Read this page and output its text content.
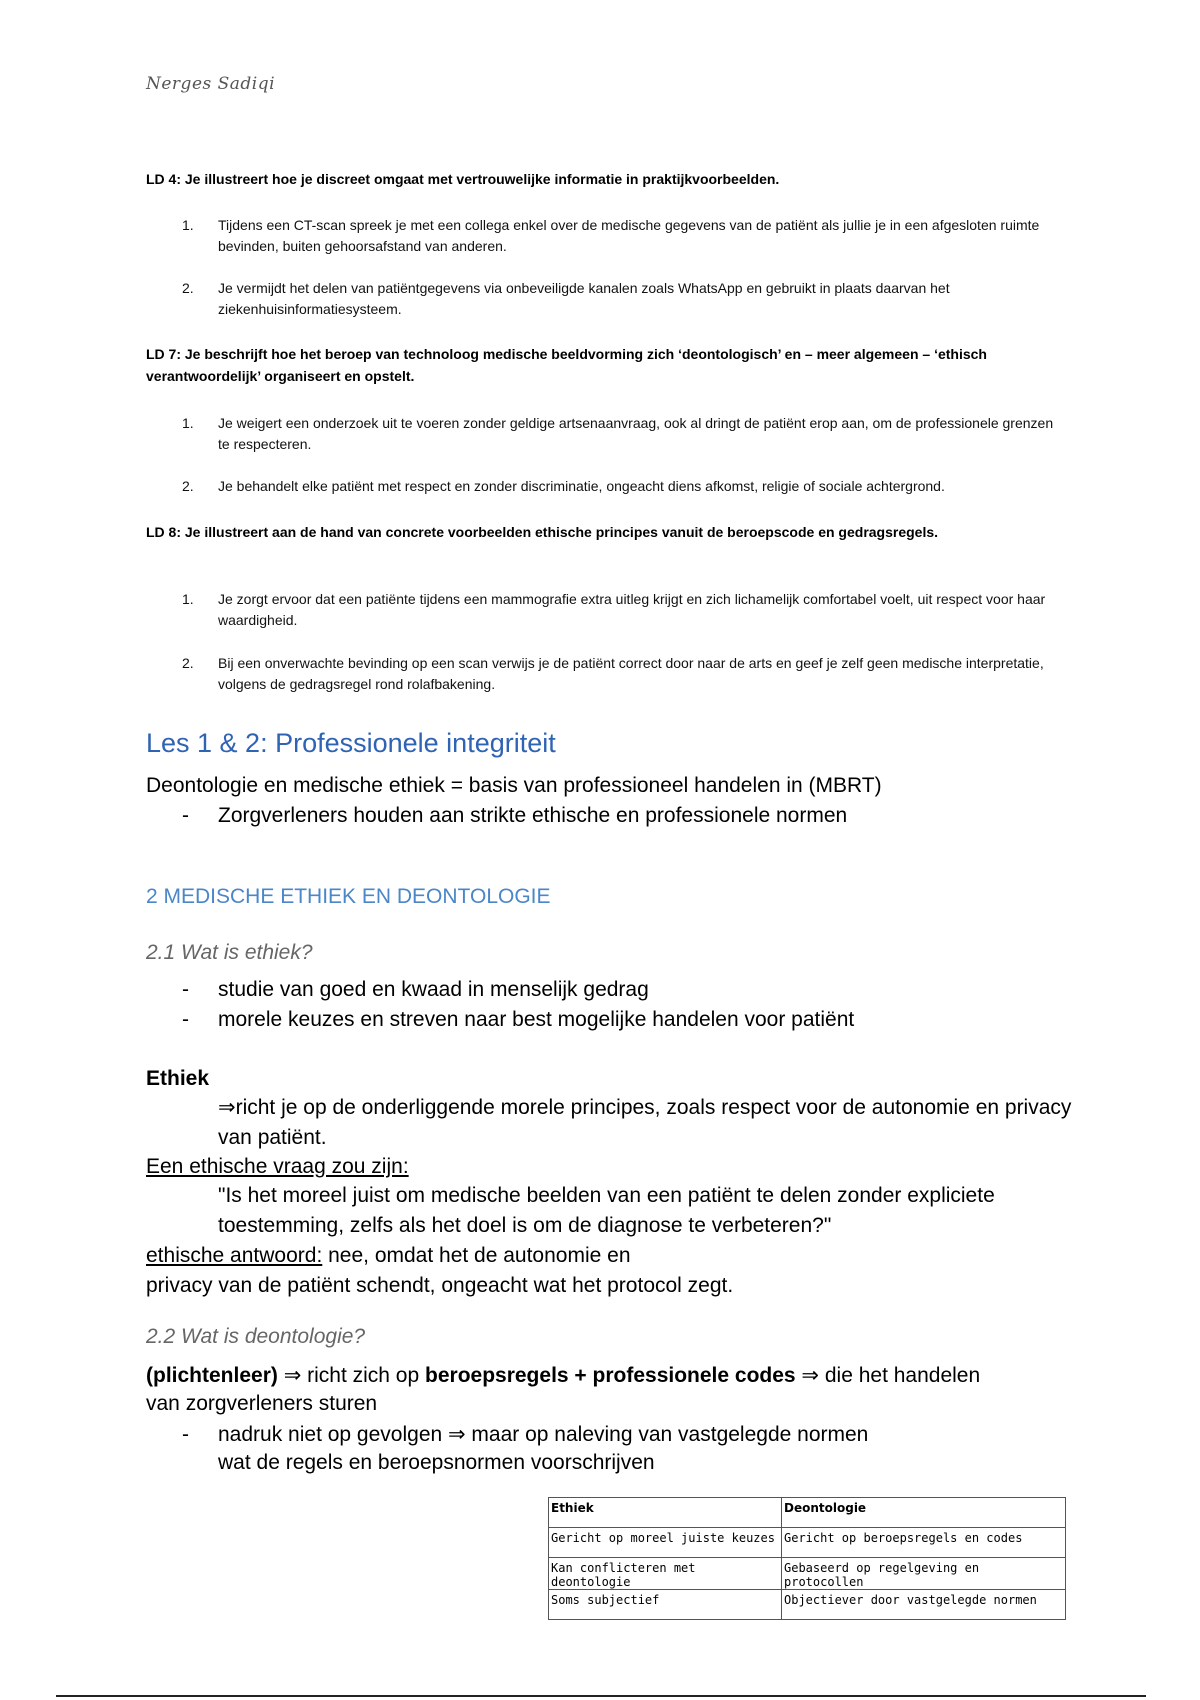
Nerges Sadiqi
LD 4: Je illustreert hoe je discreet omgaat met vertrouwelijke informatie in praktijkvoorbeelden.
1.	Tijdens een CT-scan spreek je met een collega enkel over de medische gegevens van de patiënt als jullie je in een afgesloten ruimte bevinden, buiten gehoorsafstand van anderen.
2.	Je vermijdt het delen van patiëntgegevens via onbeveiligde kanalen zoals WhatsApp en gebruikt in plaats daarvan het ziekenhuisinformatiesysteem.
LD 7: Je beschrijft hoe het beroep van technoloog medische beeldvorming zich ‘deontologisch’ en – meer algemeen – ‘ethisch verantwoordelijk’ organiseert en opstelt.
1.	Je weigert een onderzoek uit te voeren zonder geldige artsenaanvraag, ook al dringt de patiënt erop aan, om de professionele grenzen te respecteren.
2.	Je behandelt elke patiënt met respect en zonder discriminatie, ongeacht diens afkomst, religie of sociale achtergrond.
LD 8: Je illustreert aan de hand van concrete voorbeelden ethische principes vanuit de beroepscode en gedragsregels.
1.	Je zorgt ervoor dat een patiënte tijdens een mammografie extra uitleg krijgt en zich lichamelijk comfortabel voelt, uit respect voor haar waardigheid.
2.	Bij een onverwachte bevinding op een scan verwijs je de patiënt correct door naar de arts en geef je zelf geen medische interpretatie, volgens de gedragsregel rond rolafbakening.
Les 1 & 2: Professionele integriteit
Deontologie en medische ethiek = basis van professioneel handelen in (MBRT)
- Zorgverleners houden aan strikte ethische en professionele normen
2 MEDISCHE ETHIEK EN DEONTOLOGIE
2.1 Wat is ethiek?
- studie van goed en kwaad in menselijk gedrag
- morele keuzes en streven naar best mogelijke handelen voor patiënt
Ethiek
⇒richt je op de onderliggende morele principes, zoals respect voor de autonomie en privacy van patiënt.
Een ethische vraag zou zijn:
"Is het moreel juist om medische beelden van een patiënt te delen zonder expliciete toestemming, zelfs als het doel is om de diagnose te verbeteren?"
ethische antwoord: nee, omdat het de autonomie en
privacy van de patiënt schendt, ongeacht wat het protocol zegt.
2.2 Wat is deontologie?
(plichtenleer) ⇒ richt zich op beroepsregels + professionele codes ⇒ die het handelen
van zorgverleners sturen
- nadruk niet op gevolgen ⇒ maar op naleving van vastgelegde normen
wat de regels en beroepsnormen voorschrijven
Ethiek	Deontologie
Gericht op moreel juiste keuzes	Gericht op beroepsregels en codes
Kan conflicteren met deontologie	Gebaseerd op regelgeving en protocollen
Soms subjectief	Objectiever door vastgelegde normen
